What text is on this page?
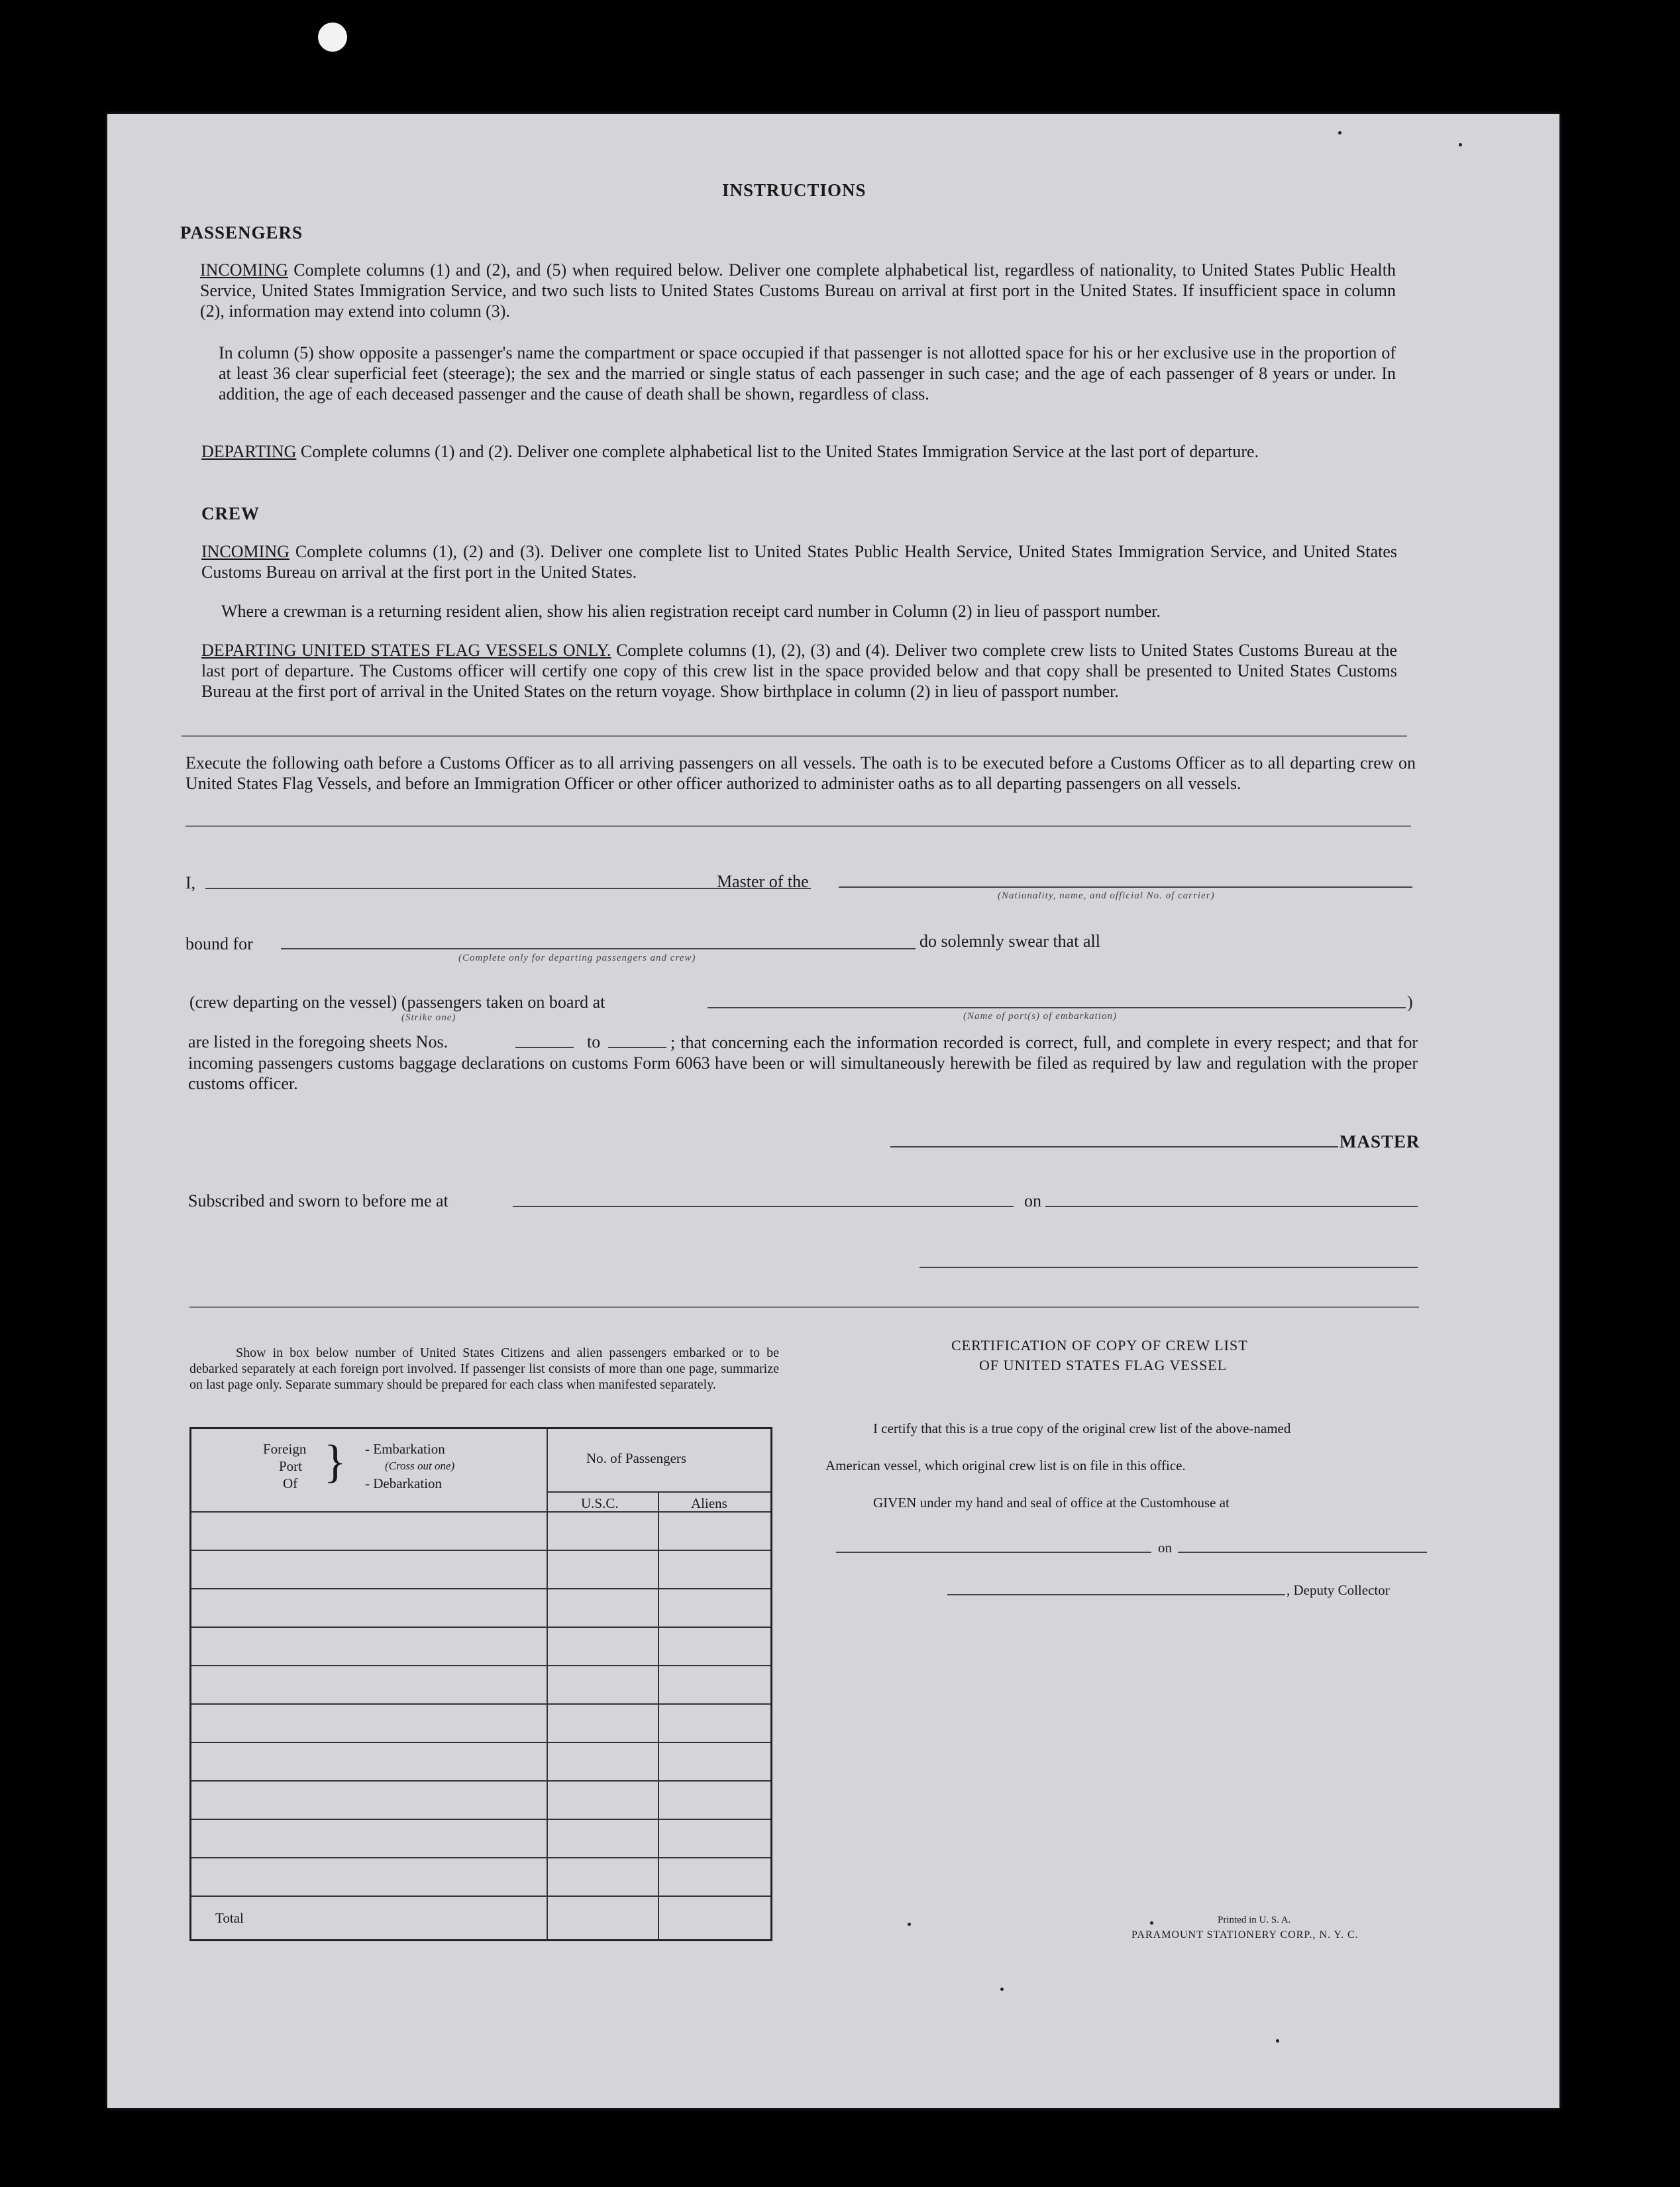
INSTRUCTIONS
PASSENGERS
INCOMING Complete columns (1) and (2), and (5) when required below. Deliver one complete alphabetical list, regardless of nationality, to United States Public Health Service, United States Immigration Service, and two such lists to United States Customs Bureau on arrival at first port in the United States. If insufficient space in column (2), information may extend into column (3).
In column (5) show opposite a passenger's name the compartment or space occupied if that passenger is not allotted space for his or her exclusive use in the proportion of at least 36 clear superficial feet (steerage); the sex and the married or single status of each passenger in such case; and the age of each passenger of 8 years or under. In addition, the age of each deceased passenger and the cause of death shall be shown, regardless of class.
DEPARTING Complete columns (1) and (2). Deliver one complete alphabetical list to the United States Immigration Service at the last port of departure.
CREW
INCOMING Complete columns (1), (2) and (3). Deliver one complete list to United States Public Health Service, United States Immigration Service, and United States Customs Bureau on arrival at the first port in the United States.
Where a crewman is a returning resident alien, show his alien registration receipt card number in Column (2) in lieu of passport number.
DEPARTING UNITED STATES FLAG VESSELS ONLY. Complete columns (1), (2), (3) and (4). Deliver two complete crew lists to United States Customs Bureau at the last port of departure. The Customs officer will certify one copy of this crew list in the space provided below and that copy shall be presented to United States Customs Bureau at the first port of arrival in the United States on the return voyage. Show birthplace in column (2) in lieu of passport number.
Execute the following oath before a Customs Officer as to all arriving passengers on all vessels. The oath is to be executed before a Customs Officer as to all departing crew on United States Flag Vessels, and before an Immigration Officer or other officer authorized to administer oaths as to all departing passengers on all vessels.
I,	Master of the
(Nationality, name, and official No. of carrier)
bound for	do solemnly swear that all
(Complete only for departing passengers and crew)
(crew departing on the vessel) (passengers taken on board at	)
(Strike one)	(Name of port(s) of embarkation)
are listed in the foregoing sheets Nos.	to	; that concerning each the information recorded is correct, full, and complete in every respect; and that for incoming passengers customs baggage declarations on customs Form 6063 have been or will simultaneously herewith be filed as required by law and regulation with the proper customs officer.
MASTER
Subscribed and sworn to before me at	on
Show in box below number of United States Citizens and alien passengers embarked or to be debarked separately at each foreign port involved. If passenger list consists of more than one page, summarize on last page only. Separate summary should be prepared for each class when manifested separately.
Foreign
Port
Of } - Embarkation
(Cross out one)
- Debarkation
No. of Passengers
U.S.C.	Aliens
Total
CERTIFICATION OF COPY OF CREW LIST
OF UNITED STATES FLAG VESSEL
I certify that this is a true copy of the original crew list of the above-named
American vessel, which original crew list is on file in this office.
GIVEN under my hand and seal of office at the Customhouse at
on
, Deputy Collector
Printed in U. S. A.
PARAMOUNT STATIONERY CORP., N. Y. C.
